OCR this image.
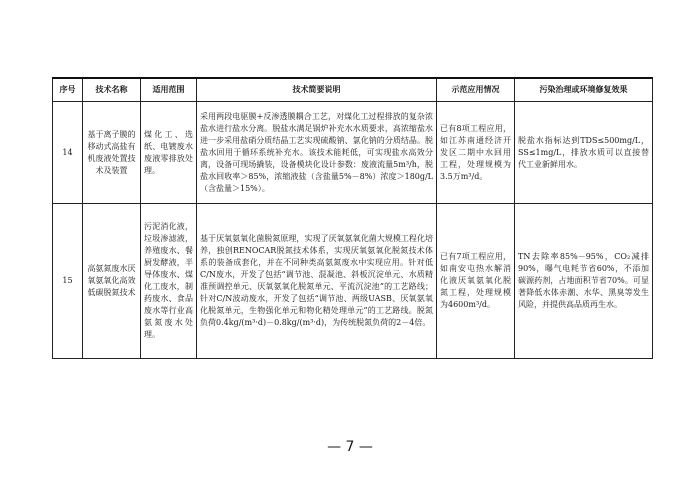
序号	技术名称	适用范围	技术简要说明	示范应用情况	污染治理或环境修复效果
14	基于离子膜的移动式高盐有机废液处置技术及装置	煤化工、选纸、电镀废水废液零排放处理。	采用两段电驱膜+反渗透膜耦合工艺，对煤化工过程排放的复杂浓盐水进行盐水分离。脱盐水满足锅炉补充水水质要求，高浓缩盐水进一步采用盐硝分质结晶工艺实现硫酸钠、氯化钠的分质结晶。脱盐水回用于循环系统补充水。该技术能耗低，可实现盐水高效分离，设备可现场撬装，设备模块化设计参数：废液流量5m³/h，脱盐水回收率＞85%，浓缩液盐（含盐量5%－8%）浓度＞180g/L（含盐量＞15%）。	已有8项工程应用，如江苏南通经济开发区二期中水回用工程，处理规模为3.5万m³/d。	脱盐水指标达到TDS≤500mg/L，SS≤1mg/L，排放水质可以直接替代工业新鲜用水。
15	高氨氮废水厌氧氨氧化高效低碳脱氮技术	污泥消化液，垃圾渗滤液，养殖废水、餐厨发酵液，半导体废水、煤化工废水，制药废水、食品废水等行业高氨氮废水处理。	基于厌氧氨氧化菌脱氮原理，实现了厌氧氨氧化菌大规模工程化培养，独创RENOCAR脱氮技术体系，实现厌氧氨氧化脱氮技术体系的装备成套化，并在不同种类高氨氮废水中实现应用。针对低C/N废水，开发了包括“调节池、混凝池、斜板沉淀单元、水质精准预调控单元、厌氧氨氧化脱氮单元、平流沉淀池”的工艺路线；针对C/N波动废水，开发了包括“调节池、两级UASB、厌氧氨氧化脱氮单元，生物强化单元和物化精处理单元”的工艺路线。脱氮负荷0.4kg/(m³·d)－0.8kg/(m³·d)，为传统脱氮负荷的2－4倍。	已有7项工程应用，如南安屯热水解消化液厌氧氨氧化脱氮工程，处理规模为4600m³/d。	TN去除率85%－95%，CO₂减排90%，曝气电耗节省60%，不添加碳源药剂，占地面积节省70%。可显著降低水体赤潮、水华、黑臭等发生风险，并提供高品质再生水。
— 7 —
